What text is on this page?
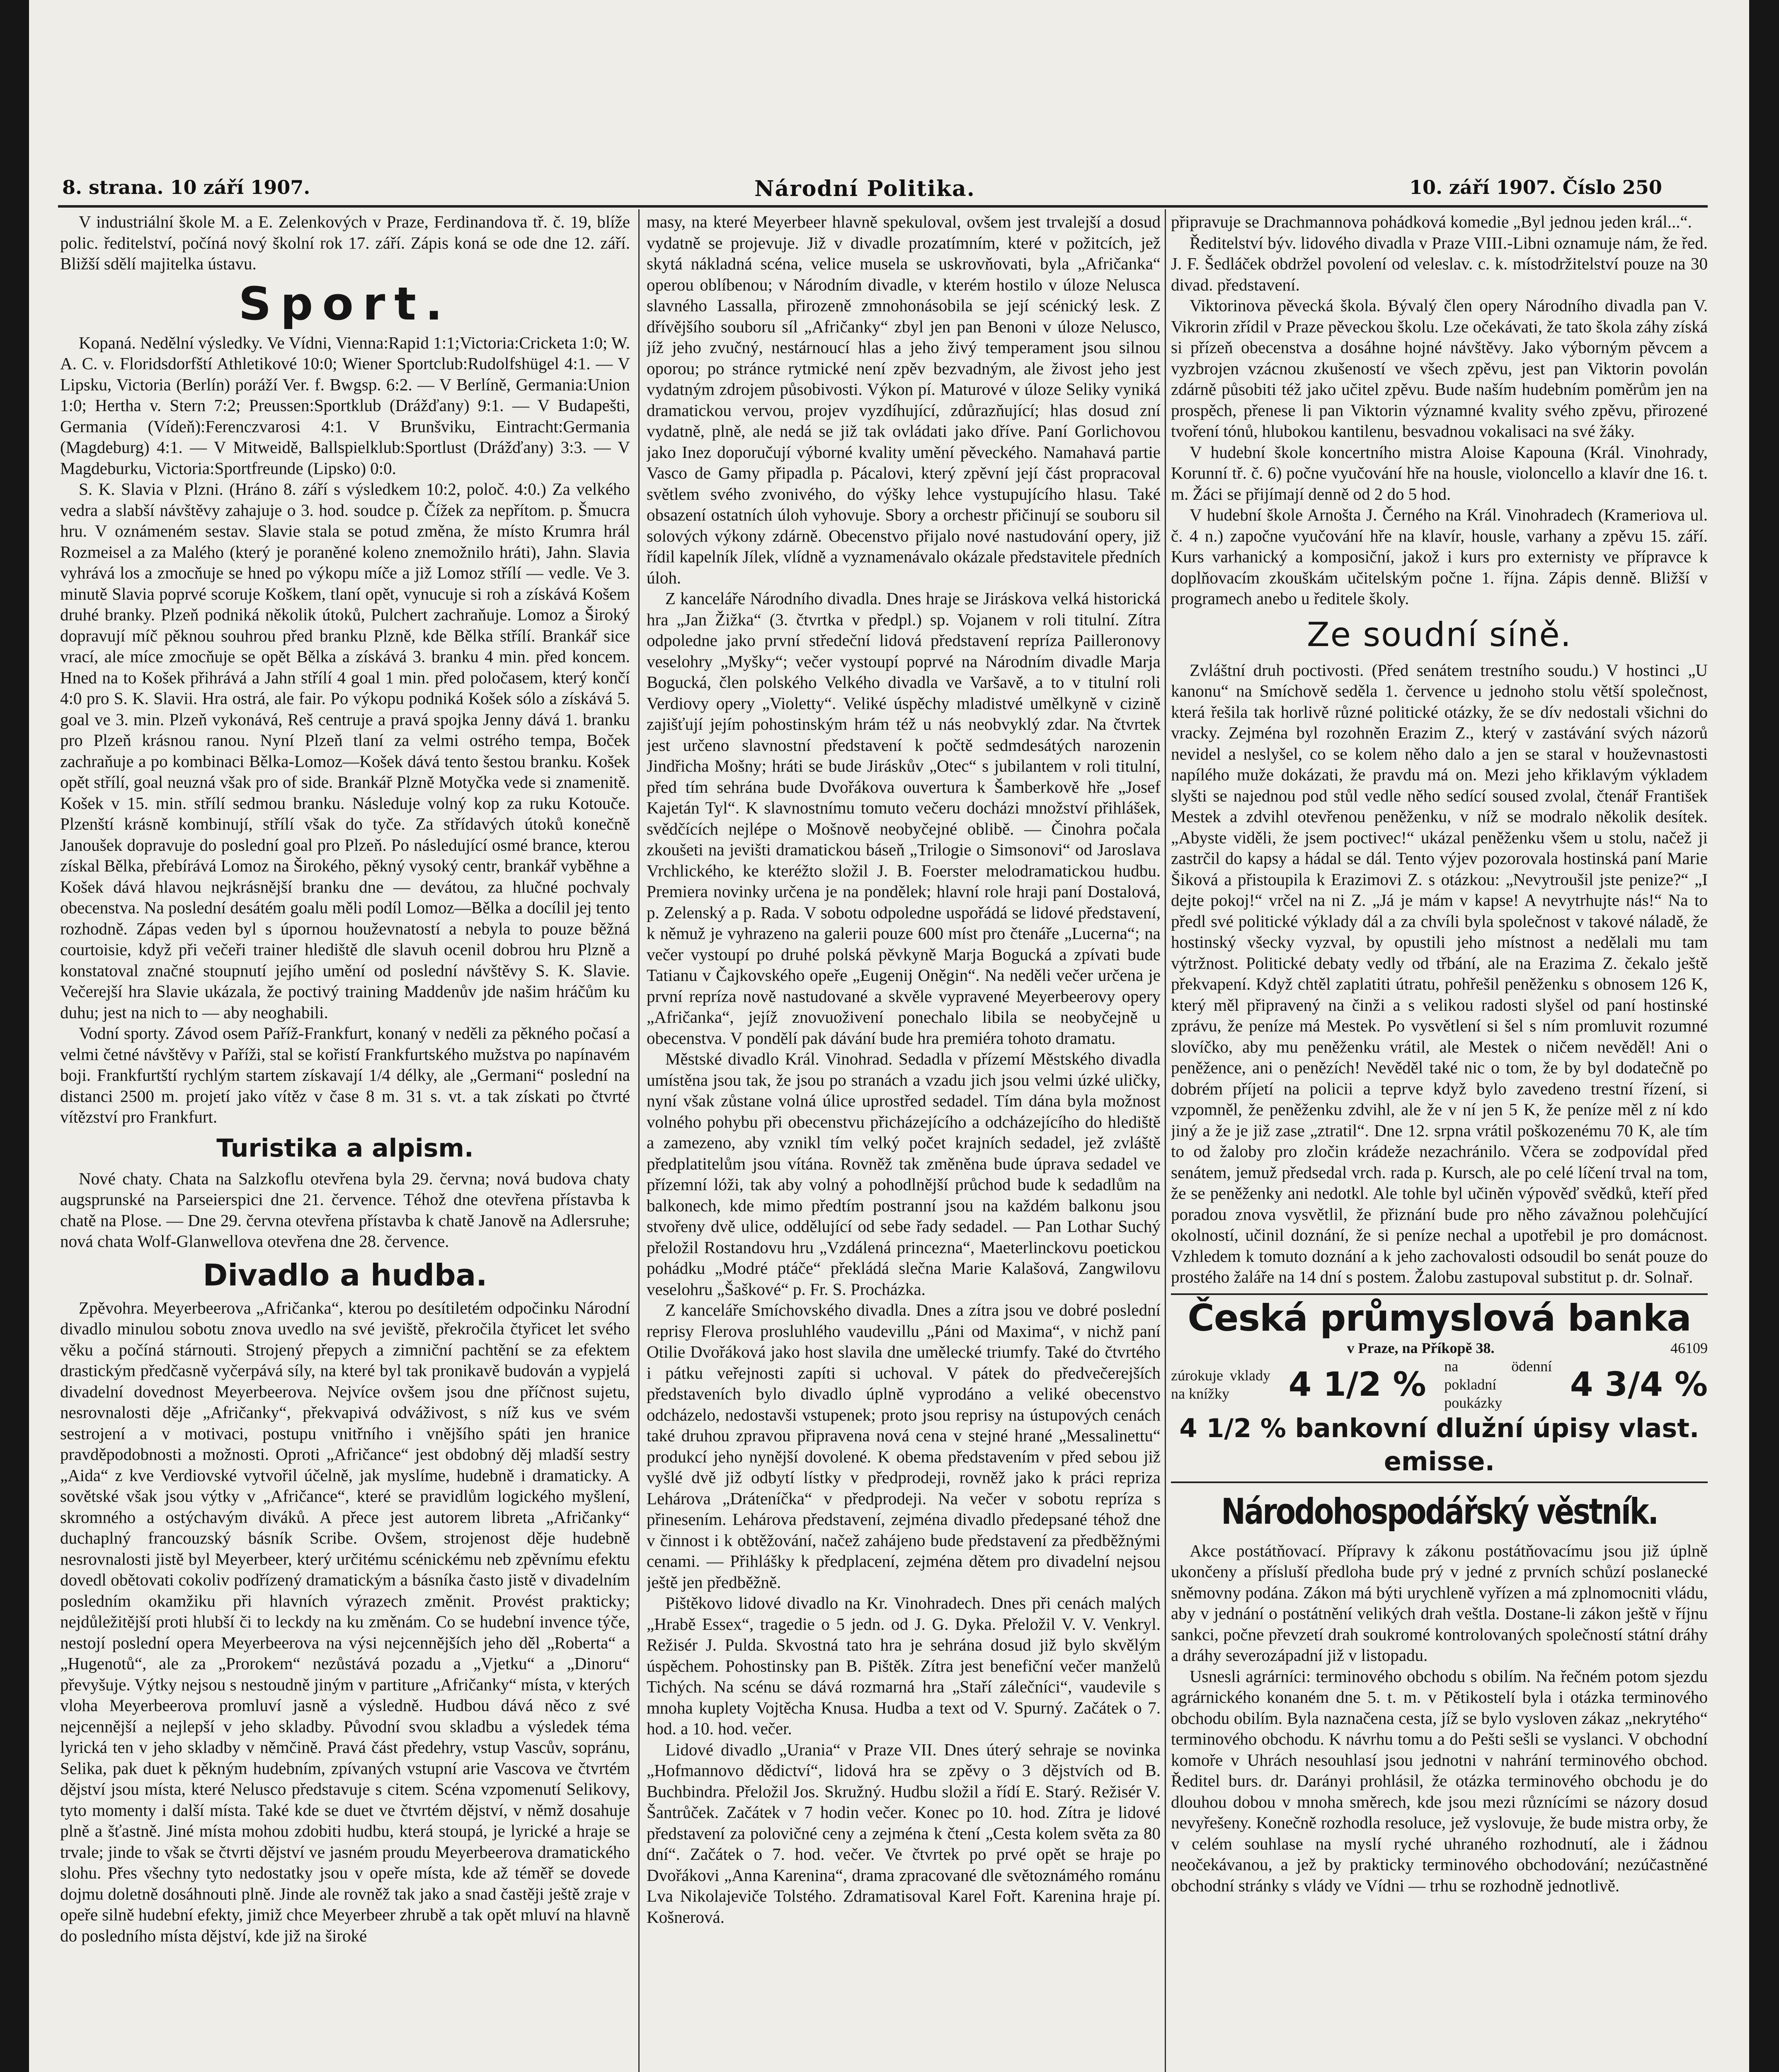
8. strana. 10 září 1907.	Národní Politika.	10. září 1907. Číslo 250

V industriální škole M. a E. Zelenkových v Praze, Ferdinandova tř. č. 19, blíže polic. ředitelství, počíná nový školní rok 17. září. Zápis koná se ode dne 12. září. Bližší sdělí majitelka ústavu.

Sport.

Kopaná. Nedělní výsledky. Ve Vídni, Vienna:Rapid 1:1;Victoria:Cricketa 1:0; W. A. C. v. Floridsdorfští Athletikové 10:0; Wiener Sportclub:Rudolfshügel 4:1. — V Lipsku, Victoria (Berlín) poráží Ver. f. Bwgsp. 6:2. — V Berlíně, Germania:Union 1:0; Hertha v. Stern 7:2; Preussen:Sportklub (Drážďany) 9:1. — V Budapešti, Germania (Vídeň):Ferenczvarosi 4:1. V Brunšviku, Eintracht:Germania (Magdeburg) 4:1. — V Mitweidě, Ballspielklub:Sportlust (Drážďany) 3:3. — V Magdeburku, Victoria:Sportfreunde (Lipsko) 0:0.

S. K. Slavia v Plzni. (Hráno 8. září s výsledkem 10:2, poloč. 4:0.) Za velkého vedra a slabší návštěvy zahajuje o 3. hod. soudce p. Čížek za nepřítom. p. Šmucra hru. V oznámeném sestav. Slavie stala se potud změna, že místo Krumra hrál Rozmeisel a za Malého (který je poraněné koleno znemožnilo hráti), Jahn. Slavia vyhrává los a zmocňuje se hned po výkopu míče a již Lomoz střílí — vedle. Ve 3. minutě Slavia poprvé scoruje Koškem, tlaní opět, vynucuje si roh a získává Košem druhé branky. Plzeň podniká několik útoků, Pulchert zachraňuje. Lomoz a Široký dopravují míč pěknou souhrou před branku Plzně, kde Bělka střílí. Brankář sice vrací, ale míce zmocňuje se opět Bělka a získává 3. branku 4 min. před koncem. Hned na to Košek přihrává a Jahn střílí 4 goal 1 min. před poločasem, který končí 4:0 pro S. K. Slavii. Hra ostrá, ale fair. Po výkopu podniká Košek sólo a získává 5. goal ve 3. min. Plzeň vykonává, Reš centruje a pravá spojka Jenny dává 1. branku pro Plzeň krásnou ranou. Nyní Plzeň tlaní za velmi ostrého tempa, Boček zachraňuje a po kombinaci Bělka-Lomoz—Košek dává tento šestou branku. Košek opět střílí, goal neuzná však pro of side. Brankář Plzně Motyčka vede si znamenitě. Košek v 15. min. střílí sedmou branku. Následuje volný kop za ruku Kotouče. Plzenští krásně kombinují, střílí však do tyče. Za střídavých útoků konečně Janoušek dopravuje do poslední goal pro Plzeň. Po následující osmé brance, kterou získal Bělka, přebírává Lomoz na Širokého, pěkný vysoký centr, brankář vyběhne a Košek dává hlavou nejkrásnější branku dne — devátou, za hlučné pochvaly obecenstva. Na poslední desátém goalu měli podíl Lomoz—Bělka a docílil jej tento rozhodně. Zápas veden byl s úpornou houževnatostí a nebyla to pouze běžná courtoisie, když při večeři trainer hlediště dle slavuh ocenil dobrou hru Plzně a konstatoval značné stoupnutí jejího umění od poslední návštěvy S. K. Slavie. Večerejší hra Slavie ukázala, že poctivý training Maddenův jde našim hráčům ku duhu; jest na nich to — aby neoghabili.

Vodní sporty. Závod osem Paříž-Frankfurt, konaný v neděli za pěkného počasí a velmi četné návštěvy v Paříži, stal se kořistí Frankfurtského mužstva po napínavém boji. Frankfurtští rychlým startem získavají 1/4 délky, ale „Germani“ poslední na distanci 2500 m. projetí jako vítěz v čase 8 m. 31 s. vt. a tak získati po čtvrté vítězství pro Frankfurt.

Turistika a alpism.

Nové chaty. Chata na Salzkoflu otevřena byla 29. června; nová budova chaty augsprunské na Parseierspici dne 21. července. Téhož dne otevřena přístavba k chatě na Plose. — Dne 29. června otevřena přístavba k chatě Janově na Adlersruhe; nová chata Wolf-Glanwellova otevřena dne 28. července.

Divadlo a hudba.

Zpěvohra. Meyerbeerova „Afričanka“, kterou po desítiletém odpočinku Národní divadlo minulou sobotu znova uvedlo na své jeviště, překročila čtyřicet let svého věku a počíná stárnouti. Strojený přepych a zimniční pachtění se za efektem drastickým předčasně vyčerpává síly, na které byl tak pronikavě budován a vypjelá divadelní dovednost Meyerbeerova. Nejvíce ovšem jsou dne příčnost sujetu, nesrovnalosti děje „Afričanky“, překvapivá odváživost, s níž kus ve svém sestrojení a v motivaci, postupu vnitřního i vnějšího spáti jen hranice pravděpodobnosti a možnosti. Oproti „Afričance“ jest obdobný děj mladší sestry „Aida“ z kve Verdiovské vytvořil účelně, jak myslíme, hudebně i dramaticky. A sovětské však jsou výtky v „Afričance“, které se pravidlům logického myšlení, skromného a ostýchavým diváků. A přece jest autorem libreta „Afričanky“ duchaplný francouzský básník Scribe. Ovšem, strojenost děje hudebně nesrovnalosti jistě byl Meyerbeer, který určitému scénickému neb zpěvnímu efektu dovedl obětovati cokoliv podřízený dramatickým a básníka často jistě v divadelním posledním okamžiku při hlavních výrazech změnit. Provést prakticky; nejdůležitější proti hlubší či to leckdy na ku změnám. Co se hudební invence týče, nestojí poslední opera Meyerbeerova na výsi nejcennějších jeho děl „Roberta“ a „Hugenotů“, ale za „Prorokem“ nezůstává pozadu a „Vjetku“ a „Dinoru“ převyšuje. Výtky nejsou s nestoudně jiným v partiture „Afričanky“ místa, v kterých vloha Meyerbeerova promluví jasně a výsledně. Hudbou dává něco z své nejcennější a nejlepší v jeho skladby. Původní svou skladbu a výsledek téma lyrická ten v jeho skladby v němčině. Pravá část předehry, vstup Vascův, sopránu, Selika, pak duet k pěkným hudebním, zpívaných vstupní arie Vascova ve čtvrtém dějství jsou místa, které Nelusco představuje s citem. Scéna vzpomenutí Selikovy, tyto momenty i další místa. Také kde se duet ve čtvrtém dějství, v němž dosahuje plně a šťastně. Jiné místa mohou zdobiti hudbu, která stoupá, je lyrické a hraje se trvale; jinde to však se čtvrti dějství ve jasném proudu Meyerbeerova dramatického slohu. Přes všechny tyto nedostatky jsou v opeře místa, kde až téměř se dovede dojmu doletně dosáhnouti plně. Jinde ale rovněž tak jako a snad častěji ještě zraje v opeře silně hudební efekty, jimiž chce Meyerbeer zhrubě a tak opět mluví na hlavně do posledního místa dějství, kde již na široké

masy, na které Meyerbeer hlavně spekuloval, ovšem jest trvalejší a dosud vydatně se projevuje. Již v divadle prozatímním, které v požitcích, jež skytá nákladná scéna, velice musela se uskrovňovati, byla „Afričanka“ operou oblíbenou; v Národním divadle, v kterém hostilo v úloze Nelusca slavného Lassalla, přirozeně zmnohonásobila se její scénický lesk. Z dřívějšího souboru síl „Afričanky“ zbyl jen pan Benoni v úloze Nelusco, jíž jeho zvučný, nestárnoucí hlas a jeho živý temperament jsou silnou oporou; po stránce rytmické není zpěv bezvadným, ale živost jeho jest vydatným zdrojem působivosti. Výkon pí. Maturové v úloze Seliky vyniká dramatickou vervou, projev vyzdíhující, zdůrazňující; hlas dosud zní vydatně, plně, ale nedá se již tak ovládati jako dříve. Paní Gorlichovou jako Inez doporučují výborné kvality umění pěveckého. Namahavá partie Vasco de Gamy připadla p. Pácalovi, který zpěvní její část propracoval světlem svého zvonivého, do výšky lehce vystupujícího hlasu. Také obsazení ostatních úloh vyhovuje. Sbory a orchestr přičinují se souboru sil solových výkony zdárně. Obecenstvo přijalo nové nastudování opery, již řídil kapelník Jílek, vlídně a vyznamenávalo okázale představitele předních úloh.

Z kanceláře Národního divadla. Dnes hraje se Jiráskova velká historická hra „Jan Žižka“ (3. čtvrtka v předpl.) sp. Vojanem v roli titulní. Zítra odpoledne jako první středeční lidová představení repríza Pailleronovy veselohry „Myšky“; večer vystoupí poprvé na Národním divadle Marja Bogucká, člen polského Velkého divadla ve Varšavě, a to v titulní roli Verdiovy opery „Violetty“. Veliké úspěchy mladistvé umělkyně v cizině zajišťují jejím pohostinským hrám též u nás neobvyklý zdar. Na čtvrtek jest určeno slavnostní představení k počtě sedmdesátých narozenin Jindřicha Mošny; hráti se bude Jiráskův „Otec“ s jubilantem v roli titulní, před tím sehrána bude Dvořákova ouvertura k Šamberkově hře „Josef Kajetán Tyl“. K slavnostnímu tomuto večeru docházi množství přihlášek, svědčících nejlépe o Mošnově neobyčejné oblibě. — Činohra počala zkoušeti na jevišti dramatickou báseň „Trilogie o Simsonovi“ od Jaroslava Vrchlického, ke kteréžto složil J. B. Foerster melodramatickou hudbu. Premiera novinky určena je na pondělek; hlavní role hraji paní Dostalová, p. Zelenský a p. Rada. V sobotu odpoledne uspořádá se lidové představení, k němuž je vyhrazeno na galerii pouze 600 míst pro čtenáře „Lucerna“; na večer vystoupí po druhé polská pěvkyně Marja Bogucká a zpívati bude Tatianu v Čajkovského opeře „Eugenij Oněgin“. Na neděli večer určena je první repríza nově nastudované a skvěle vypravené Meyerbeerovy opery „Afričanka“, jejíž znovuoživení ponechalo libila se neobyčejně u obecenstva. V pondělí pak dávání bude hra premiéra tohoto dramatu.

Městské divadlo Král. Vinohrad. Sedadla v přízemí Městského divadla umístěna jsou tak, že jsou po stranách a vzadu jich jsou velmi úzké uličky, nyní však zůstane volná úlice uprostřed sedadel. Tím dána byla možnost volného pohybu při obecenstvu přicházejícího a odcházejícího do hlediště a zamezeno, aby vznikl tím velký počet krajních sedadel, jež zvláště předplatitelům jsou vítána. Rovněž tak změněna bude úprava sedadel ve přízemní lóži, tak aby volný a pohodlnější průchod bude k sedadlům na balkonech, kde mimo předtím postranní jsou na každém balkonu jsou stvořeny dvě ulice, oddělující od sebe řady sedadel. — Pan Lothar Suchý přeložil Rostandovu hru „Vzdálená princezna“, Maeterlinckovu poetickou pohádku „Modré ptáče“ překládá slečna Marie Kalašová, Zangwilovu veselohru „Šaškové“ p. Fr. S. Procházka.

Z kanceláře Smíchovského divadla. Dnes a zítra jsou ve dobré poslední reprisy Flerova prosluhlého vaudevillu „Páni od Maxima“, v nichž paní Otilie Dvořáková jako host slavila dne umělecké triumfy. Také do čtvrtého i pátku veřejnosti zapíti si uchoval. V pátek do předvečerejších představeních bylo divadlo úplně vyprodáno a veliké obecenstvo odcházelo, nedostavši vstupenek; proto jsou reprisy na ústupových cenách také druhou zpravou připravena nová cena v stejné hrané „Messalinettu“ produkcí jeho nynější dovolené. K obema představením v před sebou již vyšlé dvě již odbytí lístky v předprodeji, rovněž jako k práci repriza Lehárova „Dráteníčka“ v předprodeji. Na večer v sobotu repríza s přinesením. Lehárova představení, zejména divadlo předepsané téhož dne v činnost i k obtěžování, načež zahájeno bude představení za předběžnými cenami. — Přihlášky k předplacení, zejména dětem pro divadelní nejsou ještě jen předběžně.

Pištěkovo lidové divadlo na Kr. Vinohradech. Dnes při cenách malých „Hrabě Essex“, tragedie o 5 jedn. od J. G. Dyka. Přeložil V. V. Venkryl. Režisér J. Pulda. Skvostná tato hra je sehrána dosud již bylo skvělým úspěchem. Pohostinsky pan B. Pištěk. Zítra jest benefiční večer manželů Tichých. Na scénu se dává rozmarná hra „Staří zálečníci“, vaudevile s mnoha kuplety Vojtěcha Knusa. Hudba a text od V. Spurný. Začátek o 7. hod. a 10. hod. večer.

Lidové divadlo „Urania“ v Praze VII. Dnes úterý sehraje se novinka „Hofmannovo dědictví“, lidová hra se zpěvy o 3 dějstvích od B. Buchbindra. Přeložil Jos. Skružný. Hudbu složil a řídí E. Starý. Režisér V. Šantrůček. Začátek v 7 hodin večer. Konec po 10. hod. Zítra je lidové představení za polovičné ceny a zejména k čtení „Cesta kolem světa za 80 dní“. Začátek o 7. hod. večer. Ve čtvrtek po prvé opět se hraje po Dvořákovi „Anna Karenina“, drama zpracované dle světoznámého románu Lva Nikolajeviče Tolstého. Zdramatisoval Karel Fořt. Karenina hraje pí. Košnerová.

připravuje se Drachmannova pohádková komedie „Byl jednou jeden král...“.

Ředitelství býv. lidového divadla v Praze VIII.-Libni oznamuje nám, že řed. J. F. Šedláček obdržel povolení od veleslav. c. k. místodržitelství pouze na 30 divad. představení.

Viktorinova pěvecká škola. Bývalý člen opery Národního divadla pan V. Vikrorin zřídil v Praze pěveckou školu. Lze očekávati, že tato škola záhy získá si přízeň obecenstva a dosáhne hojné návštěvy. Jako výborným pěvcem a vyzbrojen vzácnou zkušeností ve všech zpěvu, jest pan Viktorin povolán zdárně působiti též jako učitel zpěvu. Bude naším hudebním poměrům jen na prospěch, přenese li pan Viktorin významné kvality svého zpěvu, přirozené tvoření tónů, hlubokou kantilenu, besvadnou vokalisaci na své žáky.

V hudební škole koncertního mistra Aloise Kapouna (Král. Vinohrady, Korunní tř. č. 6) počne vyučování hře na housle, violoncello a klavír dne 16. t. m. Žáci se přijímají denně od 2 do 5 hod.

V hudební škole Arnošta J. Černého na Král. Vinohradech (Krameriova ul. č. 4 n.) započne vyučování hře na klavír, housle, varhany a zpěvu 15. září. Kurs varhanický a komposiční, jakož i kurs pro externisty ve přípravce k doplňovacím zkouškám učitelským počne 1. října. Zápis denně. Bližší v programech anebo u ředitele školy.

Ze soudní síně.

Zvláštní druh poctivosti. (Před senátem trestního soudu.) V hostinci „U kanonu“ na Smíchově seděla 1. července u jednoho stolu větší společnost, která řešila tak horlivě různé politické otázky, že se dív nedostali všichni do vracky. Zejména byl rozohněn Erazim Z., který v zastávání svých názorů nevidel a neslyšel, co se kolem něho dalo a jen se staral v houževnastosti napílého muže dokázati, že pravdu má on. Mezi jeho křiklavým výkladem slyšti se najednou pod stůl vedle něho sedící soused zvolal, čtenář František Mestek a zdvihl otevřenou peněženku, v níž se modralo několik desítek. „Abyste viděli, že jsem poctivec!“ ukázal peněženku všem u stolu, načež ji zastrčil do kapsy a hádal se dál. Tento výjev pozorovala hostinská paní Marie Šiková a přistoupila k Erazimovi Z. s otázkou: „Nevytroušil jste penize?“ „I dejte pokoj!“ vrčel na ni Z. „Já je mám v kapse! A nevytrhujte nás!“ Na to předl své politické výklady dál a za chvíli byla společnost v takové náladě, že hostinský všecky vyzval, by opustili jeho místnost a nedělali mu tam výtržnost. Politické debaty vedly od třbání, ale na Erazima Z. čekalo ještě překvapení. Když chtěl zaplatiti útratu, pohřešil peněženku s obnosem 126 K, který měl připravený na činži a s velikou radosti slyšel od paní hostinské zprávu, že peníze má Mestek. Po vysvětlení si šel s ním promluvit rozumné slovíčko, aby mu peněženku vrátil, ale Mestek o ničem nevěděl! Ani o peněžence, ani o penězích! Nevěděl také nic o tom, že by byl dodatečně po dobrém příjetí na policii a teprve když bylo zavedeno trestní řízení, si vzpomněl, že peněženku zdvihl, ale že v ní jen 5 K, že peníze měl z ní kdo jiný a že je již zase „ztratil“. Dne 12. srpna vrátil poškozenému 70 K, ale tím to od žaloby pro zločin krádeže nezachránilo. Včera se zodpovídal před senátem, jemuž předsedal vrch. rada p. Kursch, ale po celé líčení trval na tom, že se peněženky ani nedotkl. Ale tohle byl učiněn výpověď svědků, kteří před poradou znova vysvětlil, že přiznání bude pro něho závažnou polehčující okolností, učinil doznání, že si peníze nechal a upotřebil je pro domácnost. Vzhledem k tomuto doznání a k jeho zachovalosti odsoudil bo senát pouze do prostého žaláře na 14 dní s postem. Žalobu zastupoval substitut p. dr. Solnař.

Česká průmyslová banka
v Praze, na Příkopě 38.	46109
zúrokuje vklady na knížky	4 1/2 % na ödenní pokladní poukázky	4 3/4 %
4 1/2 % bankovní dlužní úpisy vlast. emisse.
Národohospodářský věstník.

Akce postátňovací. Přípravy k zákonu postátňovacímu jsou již úplně ukončeny a přísluší předloha bude prý v jedné z prvních schůzí poslanecké sněmovny podána. Zákon má býti urychleně vyřízen a má zplnomocniti vládu, aby v jednání o postátnění velikých drah veštla. Dostane-li zákon ještě v říjnu sankci, počne převzetí drah soukromé kontrolovaných společností státní dráhy a dráhy severozápadní již v listopadu.

Usnesli agrárníci: terminového obchodu s obilím. Na řečném potom sjezdu agrárnického konaném dne 5. t. m. v Pětikostelí byla i otázka terminového obchodu obilím. Byla naznačena cesta, jíž se bylo vysloven zákaz „nekrytého“ terminového obchodu. K návrhu tomu a do Pešti sešli se vyslanci. V obchodní komoře v Uhrách nesouhlasí jsou jednotni v nahrání terminového obchod. Ředitel burs. dr. Darányi prohlásil, že otázka terminového obchodu je do dlouhou dobou v mnoha směrech, kde jsou mezi různícími se názory dosud nevyřešeny. Konečně rozhodla resoluce, jež vyslovuje, že bude mistra orby, že v celém souhlase na myslí ryché uhraného rozhodnutí, ale i žádnou neočekávanou, a jež by prakticky terminového obchodování; nezúčastněné obchodní stránky s vlády ve Vídni — trhu se rozhodně jednotlivě.
